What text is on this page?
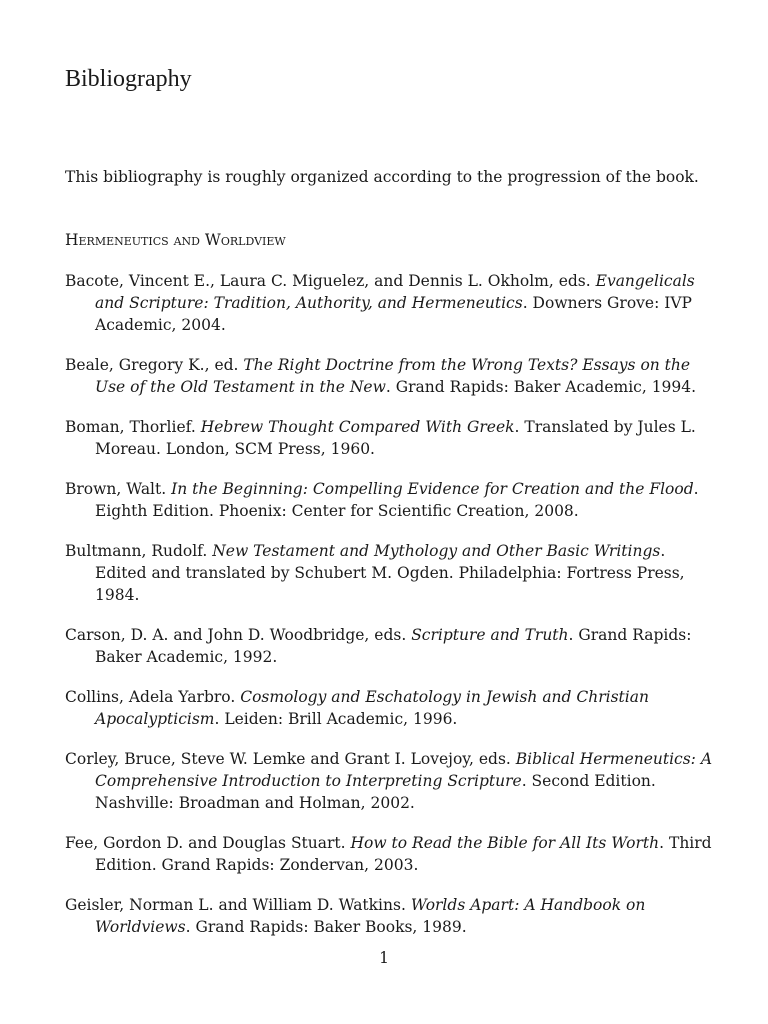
Bibliography

This bibliography is roughly organized according to the progression of the book.

Hermeneutics and Worldview

Bacote, Vincent E., Laura C. Miguelez, and Dennis L. Okholm, eds. Evangelicals and Scripture: Tradition, Authority, and Hermeneutics. Downers Grove: IVP Academic, 2004.

Beale, Gregory K., ed. The Right Doctrine from the Wrong Texts? Essays on the Use of the Old Testament in the New. Grand Rapids: Baker Academic, 1994.

Boman, Thorlief. Hebrew Thought Compared With Greek. Translated by Jules L. Moreau. London, SCM Press, 1960.

Brown, Walt. In the Beginning: Compelling Evidence for Creation and the Flood. Eighth Edition. Phoenix: Center for Scientific Creation, 2008.

Bultmann, Rudolf. New Testament and Mythology and Other Basic Writings. Edited and translated by Schubert M. Ogden. Philadelphia: Fortress Press, 1984.

Carson, D. A. and John D. Woodbridge, eds. Scripture and Truth. Grand Rapids: Baker Academic, 1992.

Collins, Adela Yarbro. Cosmology and Eschatology in Jewish and Christian Apocalypticism. Leiden: Brill Academic, 1996.

Corley, Bruce, Steve W. Lemke and Grant I. Lovejoy, eds. Biblical Hermeneutics: A Comprehensive Introduction to Interpreting Scripture. Second Edition. Nashville: Broadman and Holman, 2002.

Fee, Gordon D. and Douglas Stuart. How to Read the Bible for All Its Worth. Third Edition. Grand Rapids: Zondervan, 2003.

Geisler, Norman L. and William D. Watkins. Worlds Apart: A Handbook on Worldviews. Grand Rapids: Baker Books, 1989.

1
